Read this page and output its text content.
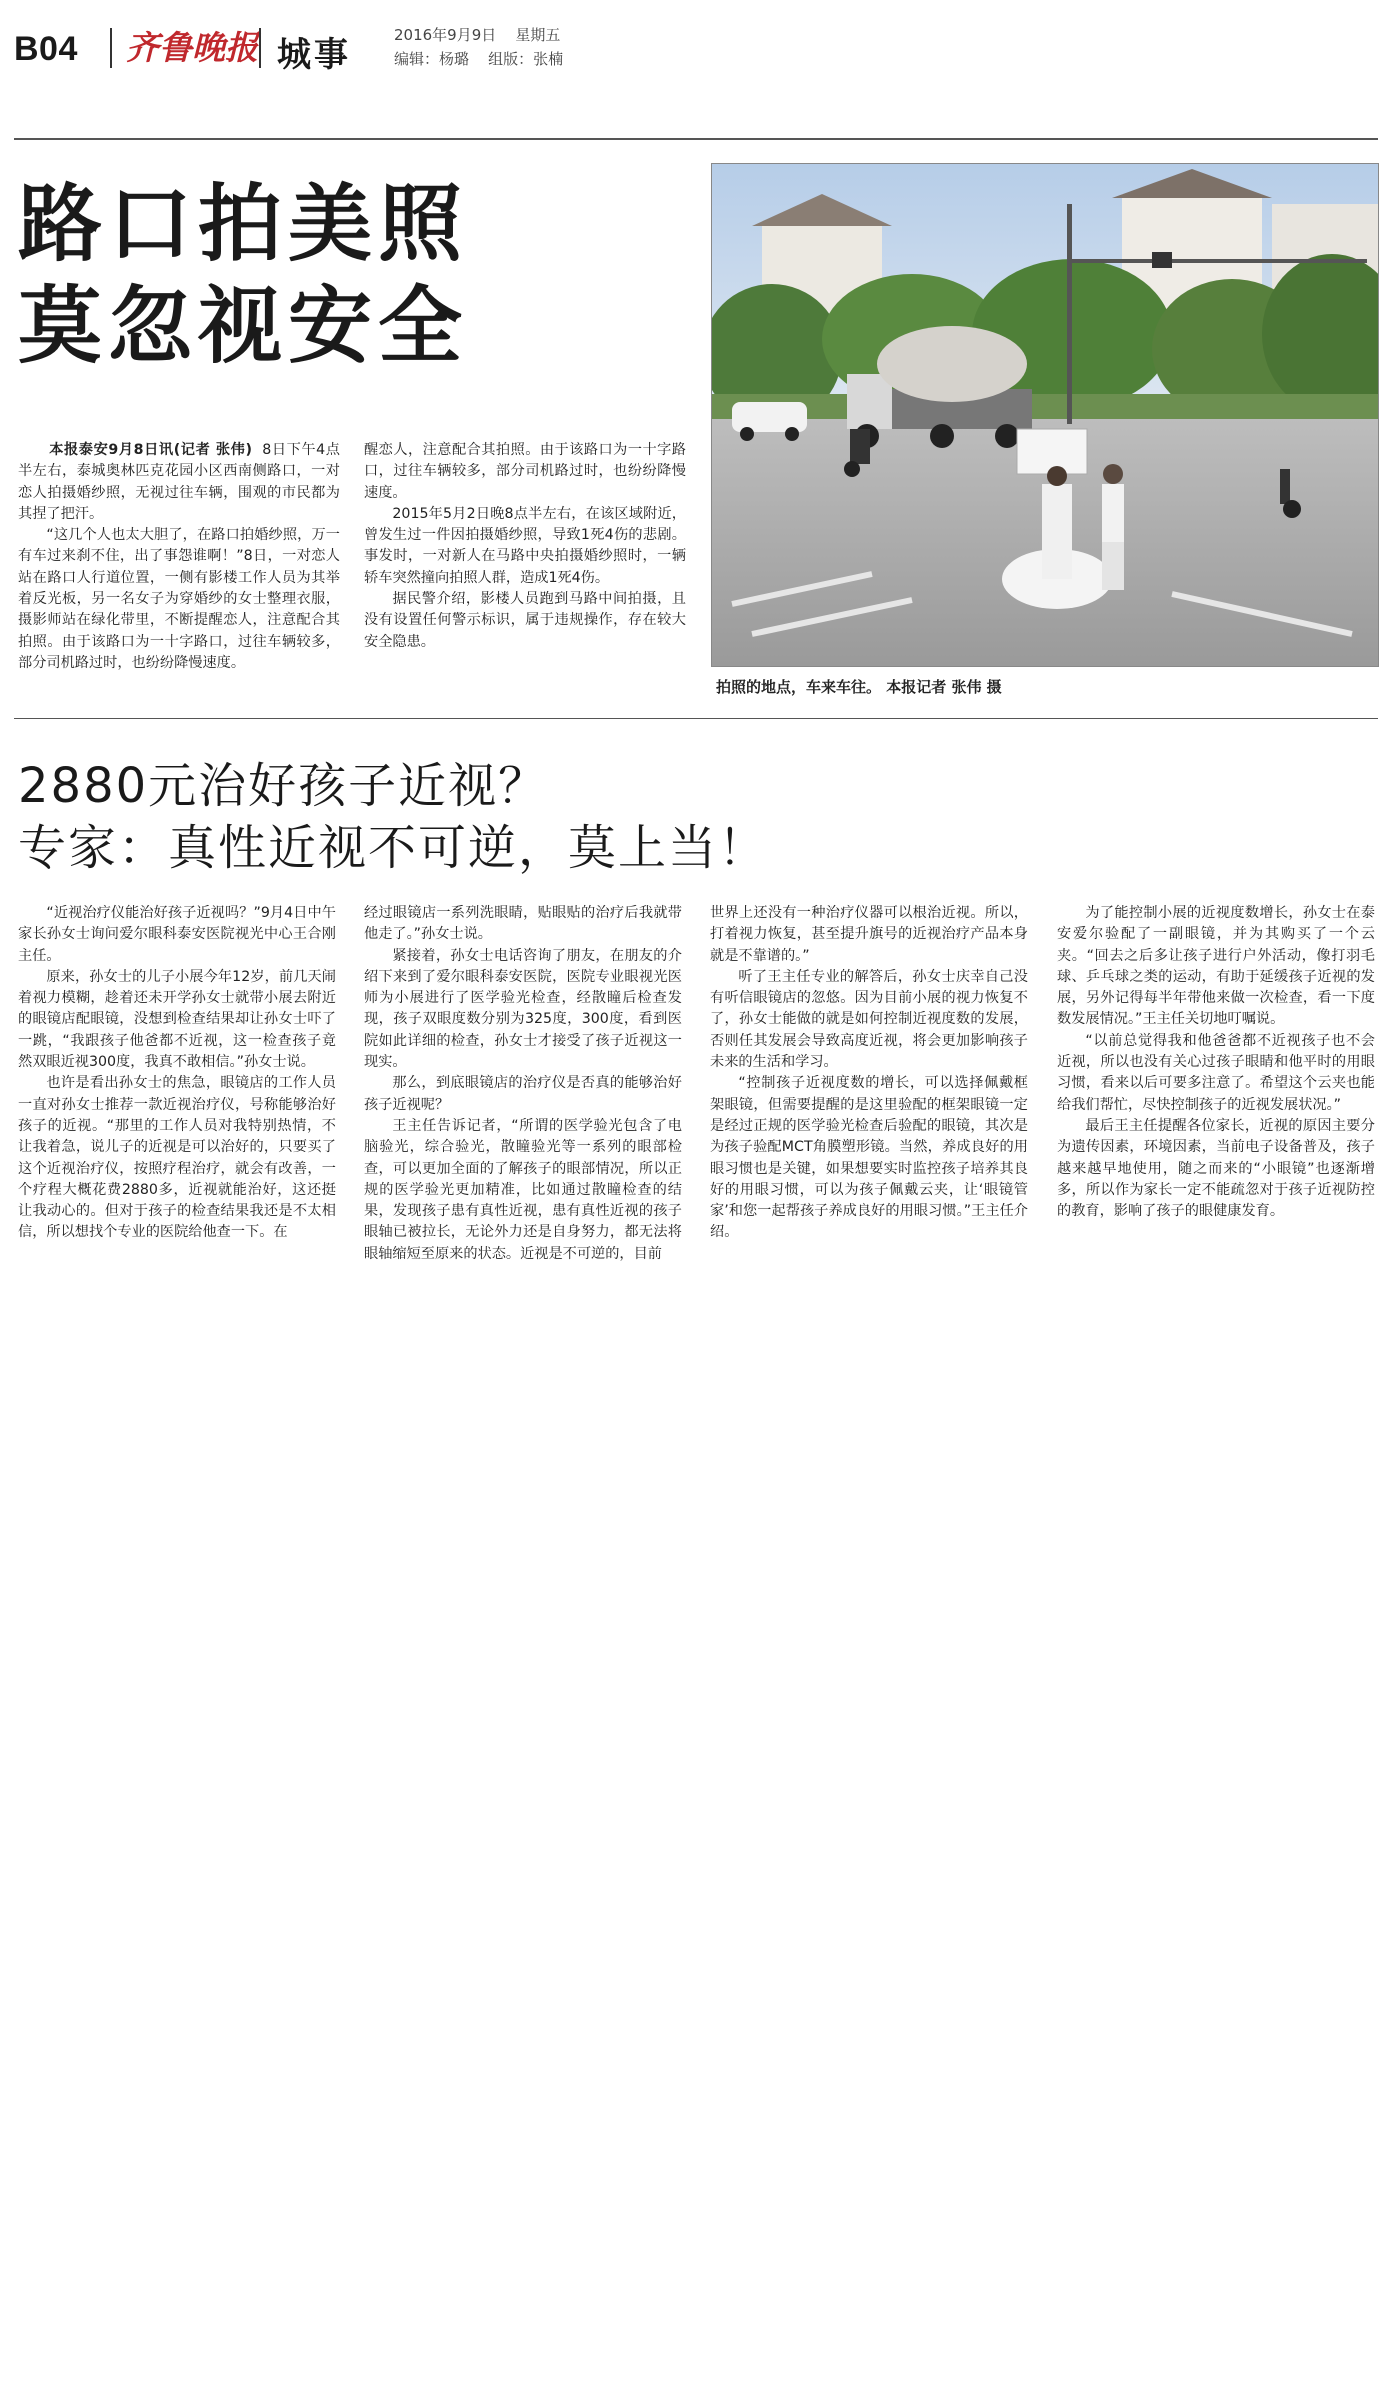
B04 齐鲁晚报 城事	2016年9月9日 星期五
编辑：杨璐 组版：张楠
路口拍美照
莫忽视安全

本报泰安9月8日讯(记者 张伟) 8日下午4点半左右，泰城奥林匹克花园小区西南侧路口，一对恋人拍摄婚纱照，无视过往车辆，围观的市民都为其捏了把汗。

“这几个人也太大胆了，在路口拍婚纱照，万一有车过来刹不住，出了事怨谁啊！”8日，一对恋人站在路口人行道位置，一侧有影楼工作人员为其举着反光板，另一名女子为穿婚纱的女士整理衣服，摄影师站在绿化带里，不断提醒恋人，注意配合其拍照。由于该路口为一十字路口，过往车辆较多，部分司机路过时，也纷纷降慢速度。

醒恋人，注意配合其拍照。由于该路口为一十字路口，过往车辆较多，部分司机路过时，也纷纷降慢速度。

2015年5月2日晚8点半左右，在该区域附近，曾发生过一件因拍摄婚纱照，导致1死4伤的悲剧。事发时，一对新人在马路中央拍摄婚纱照时，一辆轿车突然撞向拍照人群，造成1死4伤。

据民警介绍，影楼人员跑到马路中间拍摄，且没有设置任何警示标识，属于违规操作，存在较大安全隐患。

拍照的地点，车来车往。 本报记者 张伟 摄
2880元治好孩子近视？
专家：真性近视不可逆，莫上当！

“近视治疗仪能治好孩子近视吗？”9月4日中午家长孙女士询问爱尔眼科泰安医院视光中心王合刚主任。

原来，孙女士的儿子小展今年12岁，前几天闹着视力模糊，趁着还未开学孙女士就带小展去附近的眼镜店配眼镜，没想到检查结果却让孙女士吓了一跳，“我跟孩子他爸都不近视，这一检查孩子竟然双眼近视300度，我真不敢相信。”孙女士说。

也许是看出孙女士的焦急，眼镜店的工作人员一直对孙女士推荐一款近视治疗仪，号称能够治好孩子的近视。“那里的工作人员对我特别热情，不让我着急，说儿子的近视是可以治好的，只要买了这个近视治疗仪，按照疗程治疗，就会有改善，一个疗程大概花费2880多，近视就能治好，这还挺让我动心的。但对于孩子的检查结果我还是不太相信，所以想找个专业的医院给他查一下。在

经过眼镜店一系列洗眼睛，贴眼贴的治疗后我就带他走了。”孙女士说。

紧接着，孙女士电话咨询了朋友，在朋友的介绍下来到了爱尔眼科泰安医院，医院专业眼视光医师为小展进行了医学验光检查，经散瞳后检查发现，孩子双眼度数分别为325度，300度，看到医院如此详细的检查，孙女士才接受了孩子近视这一现实。

那么，到底眼镜店的治疗仪是否真的能够治好孩子近视呢？

王主任告诉记者，“所谓的医学验光包含了电脑验光，综合验光，散瞳验光等一系列的眼部检查，可以更加全面的了解孩子的眼部情况，所以正规的医学验光更加精准，比如通过散瞳检查的结果，发现孩子患有真性近视，患有真性近视的孩子眼轴已被拉长，无论外力还是自身努力，都无法将眼轴缩短至原来的状态。近视是不可逆的，目前

世界上还没有一种治疗仪器可以根治近视。所以，打着视力恢复，甚至提升旗号的近视治疗产品本身就是不靠谱的。”

听了王主任专业的解答后，孙女士庆幸自己没有听信眼镜店的忽悠。因为目前小展的视力恢复不了，孙女士能做的就是如何控制近视度数的发展，否则任其发展会导致高度近视，将会更加影响孩子未来的生活和学习。

“控制孩子近视度数的增长，可以选择佩戴框架眼镜，但需要提醒的是这里验配的框架眼镜一定是经过正规的医学验光检查后验配的眼镜，其次是为孩子验配MCT角膜塑形镜。当然，养成良好的用眼习惯也是关键，如果想要实时监控孩子培养其良好的用眼习惯，可以为孩子佩戴云夹，让‘眼镜管家’和您一起帮孩子养成良好的用眼习惯。”王主任介绍。

为了能控制小展的近视度数增长，孙女士在泰安爱尔验配了一副眼镜，并为其购买了一个云夹。“回去之后多让孩子进行户外活动，像打羽毛球、乒乓球之类的运动，有助于延缓孩子近视的发展，另外记得每半年带他来做一次检查，看一下度数发展情况。”王主任关切地叮嘱说。

“以前总觉得我和他爸爸都不近视孩子也不会近视，所以也没有关心过孩子眼睛和他平时的用眼习惯，看来以后可要多注意了。希望这个云夹也能给我们帮忙，尽快控制孩子的近视发展状况。”

最后王主任提醒各位家长，近视的原因主要分为遗传因素，环境因素，当前电子设备普及，孩子越来越早地使用，随之而来的“小眼镜”也逐渐增多，所以作为家长一定不能疏忽对于孩子近视防控的教育，影响了孩子的眼健康发育。
